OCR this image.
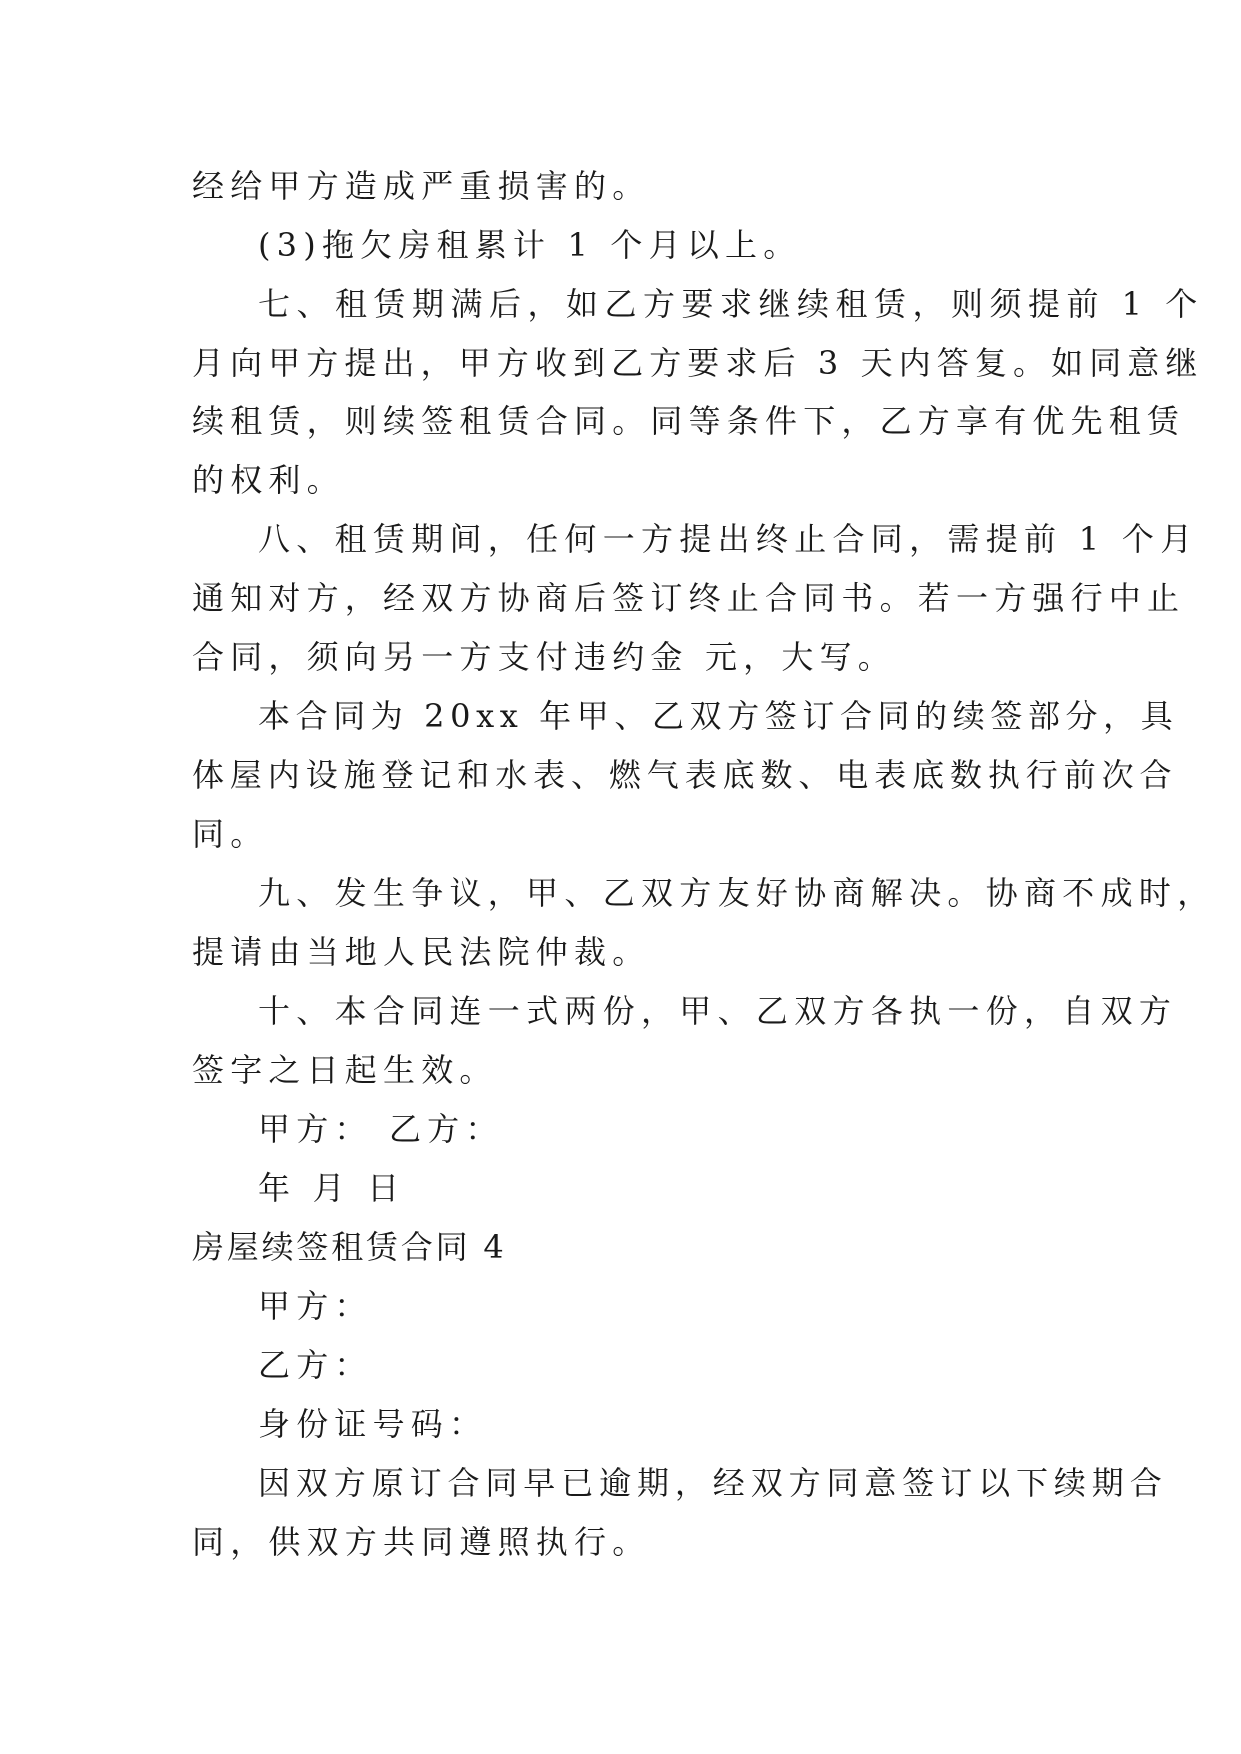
经给甲方造成严重损害的。
(3)拖欠房租累计 1 个月以上。
七、租赁期满后，如乙方要求继续租赁，则须提前 1 个
月向甲方提出，甲方收到乙方要求后 3 天内答复。如同意继
续租赁，则续签租赁合同。同等条件下，乙方享有优先租赁
的权利。
八、租赁期间，任何一方提出终止合同，需提前 1 个月
通知对方，经双方协商后签订终止合同书。若一方强行中止
合同，须向另一方支付违约金 元，大写。
本合同为 20xx 年甲、乙双方签订合同的续签部分，具
体屋内设施登记和水表、燃气表底数、电表底数执行前次合
同。
九、发生争议，甲、乙双方友好协商解决。协商不成时，
提请由当地人民法院仲裁。
十、本合同连一式两份，甲、乙双方各执一份，自双方
签字之日起生效。
甲方： 乙方：
年 月 日
房屋续签租赁合同 4
甲方：
乙方：
身份证号码：
因双方原订合同早已逾期，经双方同意签订以下续期合
同，供双方共同遵照执行。
